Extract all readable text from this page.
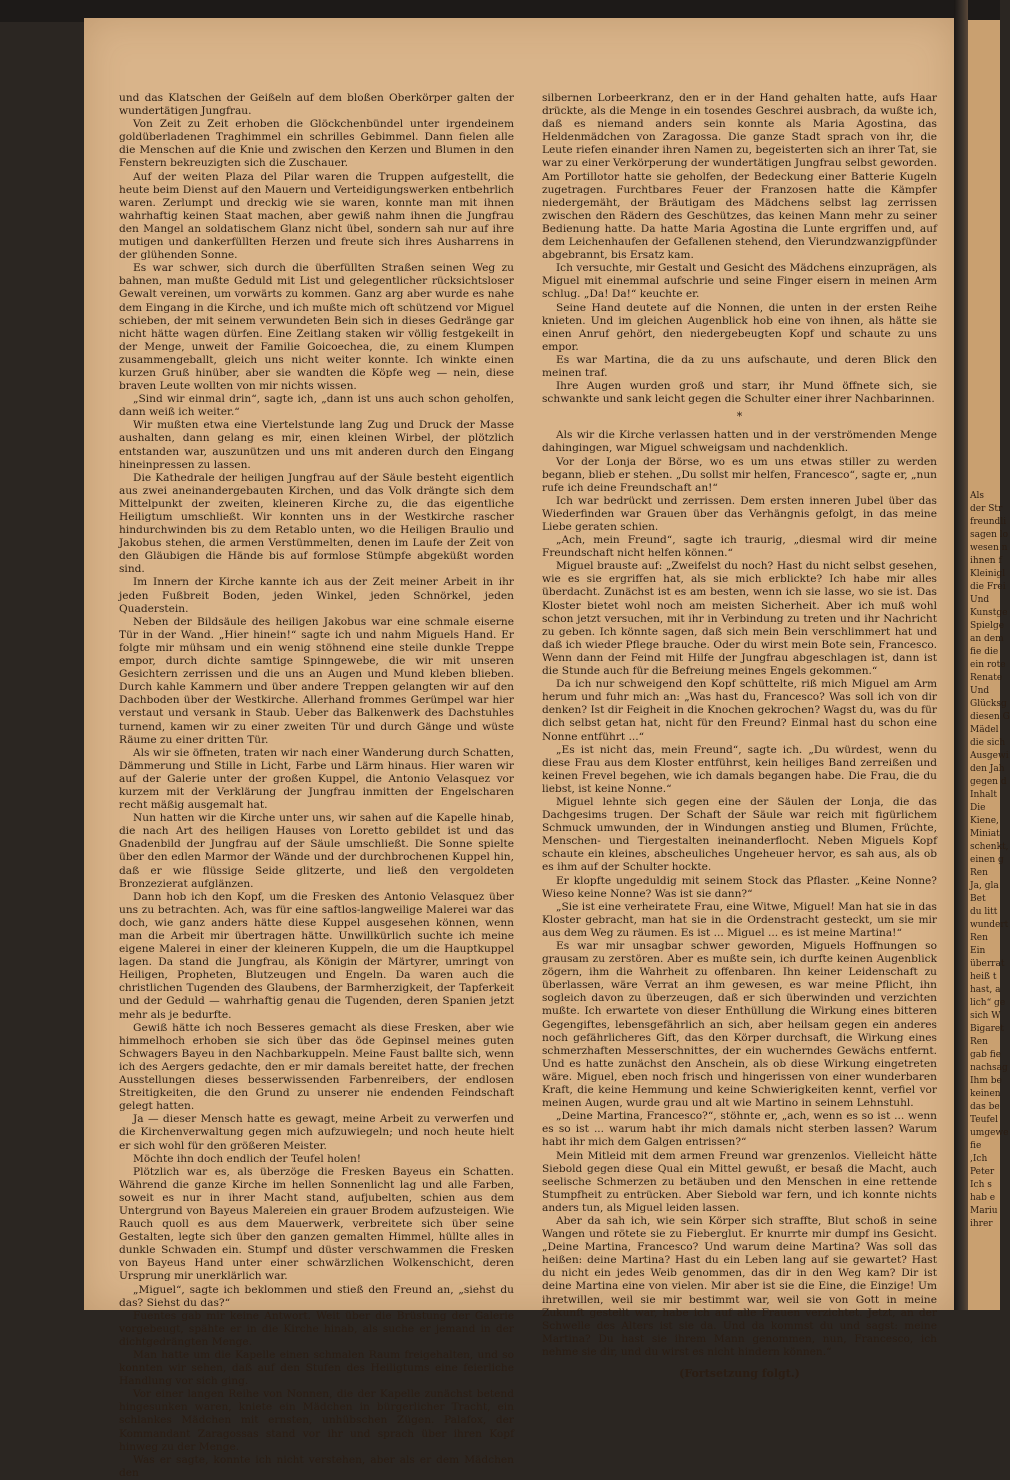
Als
der Str
freundli
sagen lo
wesen n
ihnen f
Kleinigl
die Frei
Und
Kunstge
Spielge
an dem
fie die
ein rote
Renate
Und
Glücksg
diesen G
Mädel
die sich
Ausgewi
den Jah
gegen d
Inhalt
Die
Kiene,
Miniat
schenkt,
einen g
Ren
Ja, gla
Bet
du litt
wundert
Ren
Ein
überrat
heiß t
hast, a
lich“ ge
sich W
Bigaret
Ren
gab fie
nachsag
Ihm be
keinen
das be
Teufel
umgewe
fie
,Ich
Peter
Ich s
hab e
Mariu
ihrer

und das Klatschen der Geißeln auf dem bloßen Oberkörper galten der wundertätigen Jungfrau.

Von Zeit zu Zeit erhoben die Glöckchenbündel unter irgendeinem goldüberladenen Traghimmel ein schrilles Gebimmel. Dann fielen alle die Menschen auf die Knie und zwischen den Kerzen und Blumen in den Fenstern bekreuzigten sich die Zuschauer.

Auf der weiten Plaza del Pilar waren die Truppen aufgestellt, die heute beim Dienst auf den Mauern und Verteidigungswerken entbehrlich waren. Zerlumpt und dreckig wie sie waren, konnte man mit ihnen wahrhaftig keinen Staat machen, aber gewiß nahm ihnen die Jungfrau den Mangel an soldatischem Glanz nicht übel, sondern sah nur auf ihre mutigen und dankerfüllten Herzen und freute sich ihres Ausharrens in der glühenden Sonne.

Es war schwer, sich durch die überfüllten Straßen seinen Weg zu bahnen, man mußte Geduld mit List und gelegentlicher rücksichtsloser Gewalt vereinen, um vorwärts zu kommen. Ganz arg aber wurde es nahe dem Eingang in die Kirche, und ich mußte mich oft schützend vor Miguel schieben, der mit seinem verwundeten Bein sich in dieses Gedränge gar nicht hätte wagen dürfen. Eine Zeitlang staken wir völlig festgekeilt in der Menge, unweit der Familie Goicoechea, die, zu einem Klumpen zusammengeballt, gleich uns nicht weiter konnte. Ich winkte einen kurzen Gruß hinüber, aber sie wandten die Köpfe weg — nein, diese braven Leute wollten von mir nichts wissen.

„Sind wir einmal drin“, sagte ich, „dann ist uns auch schon geholfen, dann weiß ich weiter.“

Wir mußten etwa eine Viertelstunde lang Zug und Druck der Masse aushalten, dann gelang es mir, einen kleinen Wirbel, der plötzlich entstanden war, auszunützen und uns mit anderen durch den Eingang hineinpressen zu lassen.

Die Kathedrale der heiligen Jungfrau auf der Säule besteht eigentlich aus zwei aneinandergebauten Kirchen, und das Volk drängte sich dem Mittelpunkt der zweiten, kleineren Kirche zu, die das eigentliche Heiligtum umschließt. Wir konnten uns in der Westkirche rascher hindurchwinden bis zu dem Retablo unten, wo die Heiligen Braulio und Jakobus stehen, die armen Verstümmelten, denen im Laufe der Zeit von den Gläubigen die Hände bis auf formlose Stümpfe abgeküßt worden sind.

Im Innern der Kirche kannte ich aus der Zeit meiner Arbeit in ihr jeden Fußbreit Boden, jeden Winkel, jeden Schnörkel, jeden Quaderstein.

Neben der Bildsäule des heiligen Jakobus war eine schmale eiserne Tür in der Wand. „Hier hinein!“ sagte ich und nahm Miguels Hand. Er folgte mir mühsam und ein wenig stöhnend eine steile dunkle Treppe empor, durch dichte samtige Spinngewebe, die wir mit unseren Gesichtern zerrissen und die uns an Augen und Mund kleben blieben. Durch kahle Kammern und über andere Treppen gelangten wir auf den Dachboden über der Westkirche. Allerhand frommes Gerümpel war hier verstaut und versank in Staub. Ueber das Balkenwerk des Dachstuhles turnend, kamen wir zu einer zweiten Tür und durch Gänge und wüste Räume zu einer dritten Tür.

Als wir sie öffneten, traten wir nach einer Wanderung durch Schatten, Dämmerung und Stille in Licht, Farbe und Lärm hinaus. Hier waren wir auf der Galerie unter der großen Kuppel, die Antonio Velasquez vor kurzem mit der Verklärung der Jungfrau inmitten der Engelscharen recht mäßig ausgemalt hat.

Nun hatten wir die Kirche unter uns, wir sahen auf die Kapelle hinab, die nach Art des heiligen Hauses von Loretto gebildet ist und das Gnadenbild der Jungfrau auf der Säule umschließt. Die Sonne spielte über den edlen Marmor der Wände und der durchbrochenen Kuppel hin, daß er wie flüssige Seide glitzerte, und ließ den vergoldeten Bronzezierat aufglänzen.

Dann hob ich den Kopf, um die Fresken des Antonio Velasquez über uns zu betrachten. Ach, was für eine saftlos-langweilige Malerei war das doch, wie ganz anders hätte diese Kuppel ausgesehen können, wenn man die Arbeit mir übertragen hätte. Unwillkürlich suchte ich meine eigene Malerei in einer der kleineren Kuppeln, die um die Hauptkuppel lagen. Da stand die Jungfrau, als Königin der Märtyrer, umringt von Heiligen, Propheten, Blutzeugen und Engeln. Da waren auch die christlichen Tugenden des Glaubens, der Barmherzigkeit, der Tapferkeit und der Geduld — wahrhaftig genau die Tugenden, deren Spanien jetzt mehr als je bedurfte.

Gewiß hätte ich noch Besseres gemacht als diese Fresken, aber wie himmelhoch erhoben sie sich über das öde Gepinsel meines guten Schwagers Bayeu in den Nachbarkuppeln. Meine Faust ballte sich, wenn ich des Aergers gedachte, den er mir damals bereitet hatte, der frechen Ausstellungen dieses besserwissenden Farbenreibers, der endlosen Streitigkeiten, die den Grund zu unserer nie endenden Feindschaft gelegt hatten.

Ja — dieser Mensch hatte es gewagt, meine Arbeit zu verwerfen und die Kirchenverwaltung gegen mich aufzuwiegeln; und noch heute hielt er sich wohl für den größeren Meister.

Möchte ihn doch endlich der Teufel holen!

Plötzlich war es, als überzöge die Fresken Bayeus ein Schatten. Während die ganze Kirche im hellen Sonnenlicht lag und alle Farben, soweit es nur in ihrer Macht stand, aufjubelten, schien aus dem Untergrund von Bayeus Malereien ein grauer Brodem aufzusteigen. Wie Rauch quoll es aus dem Mauerwerk, verbreitete sich über seine Gestalten, legte sich über den ganzen gemalten Himmel, hüllte alles in dunkle Schwaden ein. Stumpf und düster verschwammen die Fresken von Bayeus Hand unter einer schwärzlichen Wolkenschicht, deren Ursprung mir unerklärlich war.

„Miguel“, sagte ich beklommen und stieß den Freund an, „siehst du das? Siehst du das?“

Fuentes gab mir keine Antwort. Weit über die Brüstung der Galerie vorgebeugt, spähte er in die Kirche hinab, als suche er jemand in der dichtgedrängten Menge.

Man hatte um die Kapelle einen schmalen Raum freigehalten, und so konnten wir sehen, daß auf den Stufen des Heiligtums eine feierliche Handlung vor sich ging.

Vor einer langen Reihe von Nonnen, die der Kapelle zunächst betend hingesunken waren, kniete ein Mädchen in bürgerlicher Tracht, ein schlankes Mädchen mit ernsten, unhübschen Zügen. Palafox, der Kommandant Zaragossas stand vor ihr und sprach über ihren Kopf hinweg zu der Menge.

Was er sagte, konnte ich nicht verstehen, aber als er dem Mädchen den

silbernen Lorbeerkranz, den er in der Hand gehalten hatte, aufs Haar drückte, als die Menge in ein tosendes Geschrei ausbrach, da wußte ich, daß es niemand anders sein konnte als Maria Agostina, das Heldenmädchen von Zaragossa. Die ganze Stadt sprach von ihr, die Leute riefen einander ihren Namen zu, begeisterten sich an ihrer Tat, sie war zu einer Verkörperung der wundertätigen Jungfrau selbst geworden. Am Portillotor hatte sie geholfen, der Bedeckung einer Batterie Kugeln zugetragen. Furchtbares Feuer der Franzosen hatte die Kämpfer niedergemäht, der Bräutigam des Mädchens selbst lag zerrissen zwischen den Rädern des Geschützes, das keinen Mann mehr zu seiner Bedienung hatte. Da hatte Maria Agostina die Lunte ergriffen und, auf dem Leichenhaufen der Gefallenen stehend, den Vierundzwanzigpfünder abgebrannt, bis Ersatz kam.

Ich versuchte, mir Gestalt und Gesicht des Mädchens einzuprägen, als Miguel mit einemmal aufschrie und seine Finger eisern in meinen Arm schlug. „Da! Da!“ keuchte er.

Seine Hand deutete auf die Nonnen, die unten in der ersten Reihe knieten. Und im gleichen Augenblick hob eine von ihnen, als hätte sie einen Anruf gehört, den niedergebeugten Kopf und schaute zu uns empor.

Es war Martina, die da zu uns aufschaute, und deren Blick den meinen traf.

Ihre Augen wurden groß und starr, ihr Mund öffnete sich, sie schwankte und sank leicht gegen die Schulter einer ihrer Nachbarinnen.

*

Als wir die Kirche verlassen hatten und in der verströmenden Menge dahingingen, war Miguel schweigsam und nachdenklich.

Vor der Lonja der Börse, wo es um uns etwas stiller zu werden begann, blieb er stehen. „Du sollst mir helfen, Francesco“, sagte er, „nun rufe ich deine Freundschaft an!“

Ich war bedrückt und zerrissen. Dem ersten inneren Jubel über das Wiederfinden war Grauen über das Verhängnis gefolgt, in das meine Liebe geraten schien.

„Ach, mein Freund“, sagte ich traurig, „diesmal wird dir meine Freundschaft nicht helfen können.“

Miguel brauste auf: „Zweifelst du noch? Hast du nicht selbst gesehen, wie es sie ergriffen hat, als sie mich erblickte? Ich habe mir alles überdacht. Zunächst ist es am besten, wenn ich sie lasse, wo sie ist. Das Kloster bietet wohl noch am meisten Sicherheit. Aber ich muß wohl schon jetzt versuchen, mit ihr in Verbindung zu treten und ihr Nachricht zu geben. Ich könnte sagen, daß sich mein Bein verschlimmert hat und daß ich wieder Pflege brauche. Oder du wirst mein Bote sein, Francesco. Wenn dann der Feind mit Hilfe der Jungfrau abgeschlagen ist, dann ist die Stunde auch für die Befreiung meines Engels gekommen.“

Da ich nur schweigend den Kopf schüttelte, riß mich Miguel am Arm herum und fuhr mich an: „Was hast du, Francesco? Was soll ich von dir denken? Ist dir Feigheit in die Knochen gekrochen? Wagst du, was du für dich selbst getan hat, nicht für den Freund? Einmal hast du schon eine Nonne entführt ...“

„Es ist nicht das, mein Freund“, sagte ich. „Du würdest, wenn du diese Frau aus dem Kloster entführst, kein heiliges Band zerreißen und keinen Frevel begehen, wie ich damals begangen habe. Die Frau, die du liebst, ist keine Nonne.“

Miguel lehnte sich gegen eine der Säulen der Lonja, die das Dachgesims trugen. Der Schaft der Säule war reich mit figürlichem Schmuck umwunden, der in Windungen anstieg und Blumen, Früchte, Menschen- und Tiergestalten ineinanderflocht. Neben Miguels Kopf schaute ein kleines, abscheuliches Ungeheuer hervor, es sah aus, als ob es ihm auf der Schulter hockte.

Er klopfte ungeduldig mit seinem Stock das Pflaster. „Keine Nonne? Wieso keine Nonne? Was ist sie dann?“

„Sie ist eine verheiratete Frau, eine Witwe, Miguel! Man hat sie in das Kloster gebracht, man hat sie in die Ordenstracht gesteckt, um sie mir aus dem Weg zu räumen. Es ist ... Miguel ... es ist meine Martina!“

Es war mir unsagbar schwer geworden, Miguels Hoffnungen so grausam zu zerstören. Aber es mußte sein, ich durfte keinen Augenblick zögern, ihm die Wahrheit zu offenbaren. Ihn keiner Leidenschaft zu überlassen, wäre Verrat an ihm gewesen, es war meine Pflicht, ihn sogleich davon zu überzeugen, daß er sich überwinden und verzichten mußte. Ich erwartete von dieser Enthüllung die Wirkung eines bitteren Gegengiftes, lebensgefährlich an sich, aber heilsam gegen ein anderes noch gefährlicheres Gift, das den Körper durchsaft, die Wirkung eines schmerzhaften Messerschnittes, der ein wucherndes Gewächs entfernt. Und es hatte zunächst den Anschein, als ob diese Wirkung eingetreten wäre. Miguel, eben noch frisch und hingerissen von einer wunderbaren Kraft, die keine Hemmung und keine Schwierigkeiten kennt, verfiel vor meinen Augen, wurde grau und alt wie Martino in seinem Lehnstuhl.

„Deine Martina, Francesco?“, stöhnte er, „ach, wenn es so ist ... wenn es so ist ... warum habt ihr mich damals nicht sterben lassen? Warum habt ihr mich dem Galgen entrissen?“

Mein Mitleid mit dem armen Freund war grenzenlos. Vielleicht hätte Siebold gegen diese Qual ein Mittel gewußt, er besaß die Macht, auch seelische Schmerzen zu betäuben und den Menschen in eine rettende Stumpfheit zu entrücken. Aber Siebold war fern, und ich konnte nichts anders tun, als Miguel leiden lassen.

Aber da sah ich, wie sein Körper sich straffte, Blut schoß in seine Wangen und rötete sie zu Fieberglut. Er knurrte mir dumpf ins Gesicht. „Deine Martina, Francesco? Und warum deine Martina? Was soll das heißen: deine Martina? Hast du ein Leben lang auf sie gewartet? Hast du nicht ein jedes Weib genommen, das dir in den Weg kam? Dir ist deine Martina eine von vielen. Mir aber ist sie die Eine, die Einzige! Um ihretwillen, weil sie mir bestimmt war, weil sie von Gott in meine Zukunft gestellt war, habe ich auf alle Frauen verzichtet. Jetzt, an der Schwelle des Alters ist sie da. Und da kommst du und sagst: meine Martina? Du hast sie ihrem Mann genommen, nun, Francesco, ich nehme sie dir, und du wirst es nicht hindern können.“

(Fortsetzung folgt.)
